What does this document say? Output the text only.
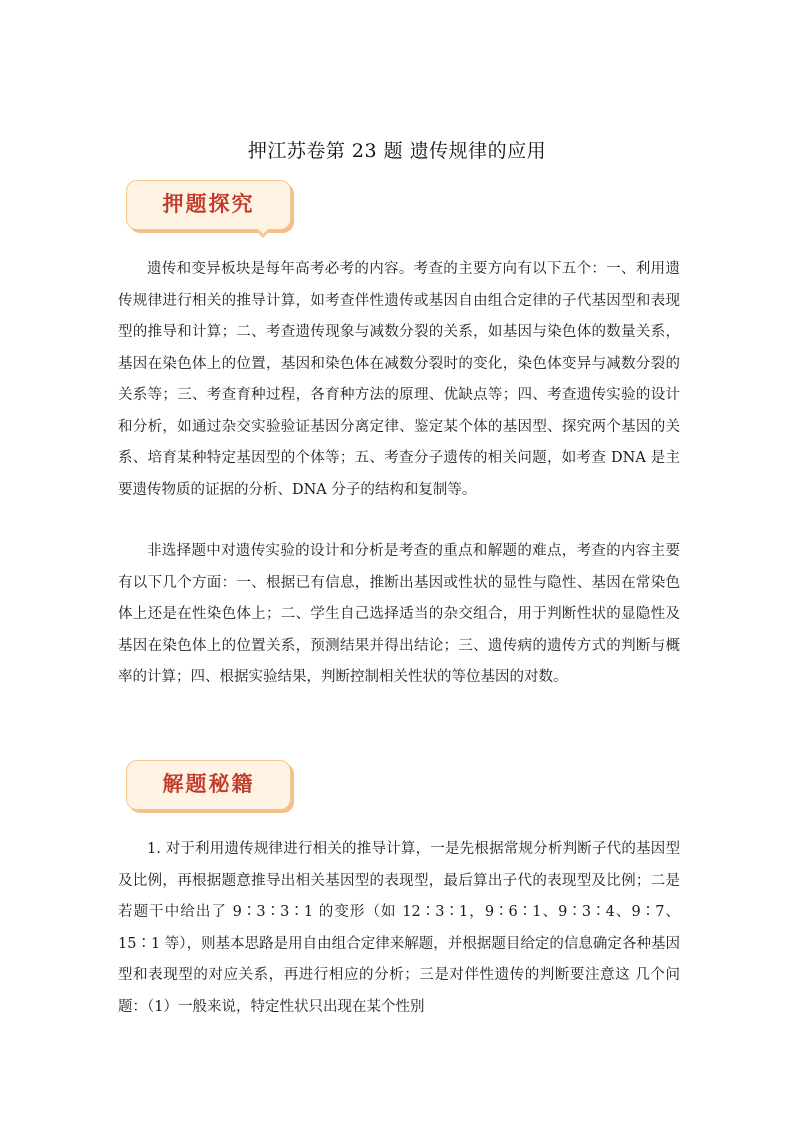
押江苏卷第 23 题 遗传规律的应用
押题探究
遗传和变异板块是每年高考必考的内容。考查的主要方向有以下五个：一、利用遗传规律进行相关的推导计算，如考查伴性遗传或基因自由组合定律的子代基因型和表现型的推导和计算；二、考查遗传现象与减数分裂的关系，如基因与染色体的数量关系，基因在染色体上的位置，基因和染色体在减数分裂时的变化，染色体变异与减数分裂的关系等；三、考查育种过程，各育种方法的原理、优缺点等；四、考查遗传实验的设计和分析，如通过杂交实验验证基因分离定律、鉴定某个体的基因型、探究两个基因的关系、培育某种特定基因型的个体等；五、考查分子遗传的相关问题，如考查 DNA 是主要遗传物质的证据的分析、DNA 分子的结构和复制等。
非选择题中对遗传实验的设计和分析是考查的重点和解题的难点，考查的内容主要有以下几个方面：一、根据已有信息，推断出基因或性状的显性与隐性、基因在常染色体上还是在性染色体上；二、学生自己选择适当的杂交组合，用于判断性状的显隐性及基因在染色体上的位置关系，预测结果并得出结论；三、遗传病的遗传方式的判断与概率的计算；四、根据实验结果，判断控制相关性状的等位基因的对数。
解题秘籍
1. 对于利用遗传规律进行相关的推导计算，一是先根据常规分析判断子代的基因型及比例，再根据题意推导出相关基因型的表现型，最后算出子代的表现型及比例；二是若题干中给出了 9∶3∶3∶1 的变形（如 12∶3∶1，9∶6∶1、9∶3∶4、9∶7、15∶1 等），则基本思路是用自由组合定律来解题，并根据题目给定的信息确定各种基因型和表现型的对应关系，再进行相应的分析；三是对伴性遗传的判断要注意这 几个问题：（1）一般来说，特定性状只出现在某个性别
